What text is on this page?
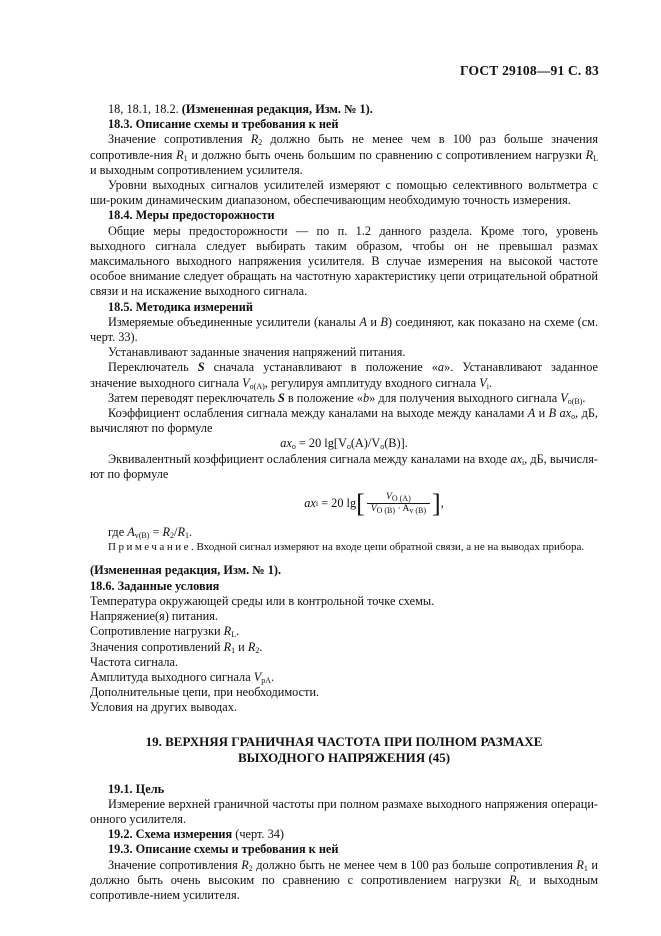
ГОСТ 29108—91 С. 83

18, 18.1, 18.2. (Измененная редакция, Изм. № 1).

18.3. Описание схемы и требования к ней

Значение сопротивления $R_2$ должно быть не менее чем в 100 раз больше значения сопротивле-ния $R_1$ и должно быть очень большим по сравнению с сопротивлением нагрузки $R_L$ и выходным сопротивлением усилителя.

Уровни выходных сигналов усилителей измеряют с помощью селективного вольтметра с ши-роким динамическим диапазоном, обеспечивающим необходимую точность измерения.

18.4. Меры предосторожности

Общие меры предосторожности — по п. 1.2 данного раздела. Кроме того, уровень выходного сигнала следует выбирать таким образом, чтобы он не превышал размах максимального выходного напряжения усилителя. В случае измерения на высокой частоте особое внимание следует обращать на частотную характеристику цепи отрицательной обратной связи и на искажение выходного сигнала.

18.5. Методика измерений

Измеряемые объединенные усилители (каналы A и B) соединяют, как показано на схеме (см. черт. 33).

Устанавливают заданные значения напряжений питания.

Переключатель S сначала устанавливают в положение «a». Устанавливают заданное значение выходного сигнала $V_{o(A)}$, регулируя амплитуду входного сигнала $V_i$.

Затем переводят переключатель S в положение «b» для получения выходного сигнала $V_{o(B)}$.

Коэффициент ослабления сигнала между каналами на выходе между каналами A и B $ax_o$, дБ, вычисляют по формуле

$ax_o = 20$ $\lg[V_o(A)/V_o(B)]$.

Эквивалентный коэффициент ослабления сигнала между каналами на входе $ax_i$, дБ, вычисля-ют по формуле

ax i
= 20 lg [ $\frac{V_{O (A)}}{V_{O (B)} \cdot A_{v (B)}}$ ] ,

где $A_{v(B)} = R_2/R_1$.

Примечание. Входной сигнал измеряют на входе цепи обратной связи, а не на выводах прибора.

(Измененная редакция, Изм. № 1).

18.6. Заданные условия

Температура окружающей среды или в контрольной точке схемы.

Напряжение(я) питания.

Сопротивление нагрузки $R_L$.

Значения сопротивлений $R_1$ и $R_2$.

Частота сигнала.

Амплитуда выходного сигнала $V_{pA}$.

Дополнительные цепи, при необходимости.

Условия на других выводах.

19. ВЕРХНЯЯ ГРАНИЧНАЯ ЧАСТОТА ПРИ ПОЛНОМ РАЗМАХЕ
ВЫХОДНОГО НАПРЯЖЕНИЯ (45)

19.1. Цель

Измерение верхней граничной частоты при полном размахе выходного напряжения операци-онного усилителя.

19.2. Схема измерения (черт. 34)

19.3. Описание схемы и требования к ней

Значение сопротивления $R_2$ должно быть не менее чем в 100 раз больше сопротивления $R_1$ и должно быть очень высоким по сравнению с сопротивлением нагрузки $R_L$ и выходным сопротивле-нием усилителя.
